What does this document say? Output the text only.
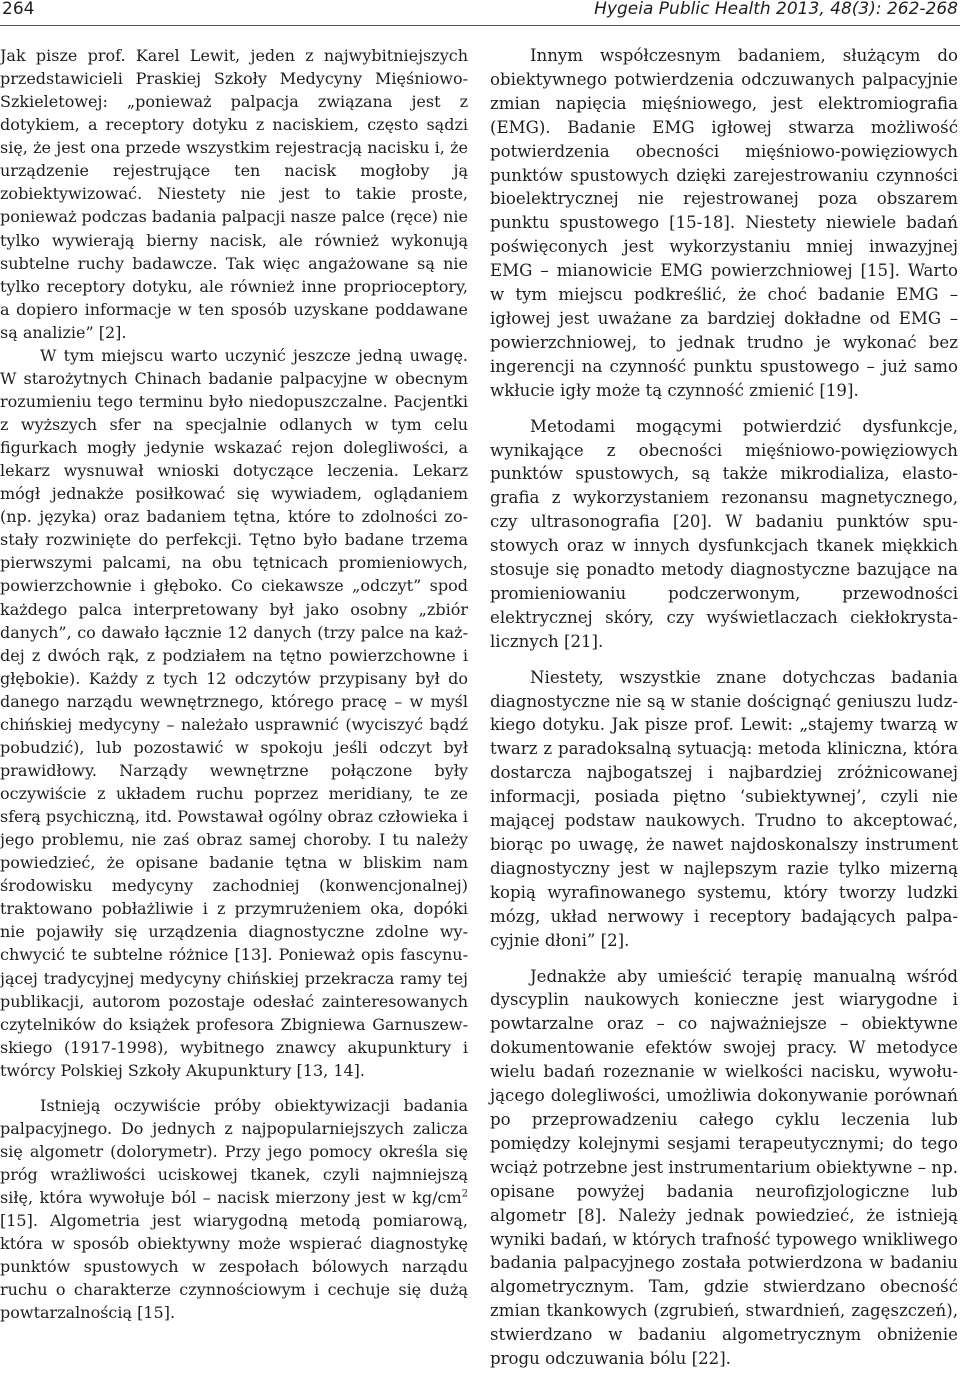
264	Hygeia Public Health 2013, 48(3): 262-268

Jak pisze prof. Karel Lewit, jeden z najwybitniejszych przedstawicieli Praskiej Szkoły Medycyny Mięśniowo-Szkieletowej: „ponieważ palpacja związana jest z dotykiem, a receptory dotyku z naciskiem, często sądzi się, że jest ona przede wszystkim rejestracją nacisku i, że urządzenie rejestrujące ten nacisk mogłoby ją zobiektywizować. Niestety nie jest to takie proste, ponieważ podczas badania palpacji nasze palce (ręce) nie tylko wywierają bierny nacisk, ale również wykonują subtelne ruchy badawcze. Tak więc angażowane są nie tylko receptory dotyku, ale również inne proprioceptory, a dopiero informacje w ten sposób uzyskane poddawane są analizie” [2].

W tym miejscu warto uczynić jeszcze jedną uwagę. W starożytnych Chinach badanie palpacyjne w obecnym rozumieniu tego terminu było niedopuszczalne. Pacjentki z wyższych sfer na specjalnie odlanych w tym celu figurkach mogły jedynie wskazać rejon dolegliwości, a lekarz wysnuwał wnioski dotyczące leczenia. Lekarz mógł jednakże posiłkować się wywiadem, oglądaniem (np. języka) oraz badaniem tętna, które to zdolności zostały rozwinięte do perfekcji. Tętno było badane trzema pierwszymi palcami, na obu tętnicach promieniowych, powierzchownie i głęboko. Co ciekawsze „odczyt” spod każdego palca interpretowany był jako osobny „zbiór danych”, co dawało łącznie 12 danych (trzy palce na każdej z dwóch rąk, z podziałem na tętno powierzchowne i głębokie). Każdy z tych 12 odczytów przypisany był do danego narządu wewnętrznego, którego pracę – w myśl chińskiej medycyny – należało usprawnić (wyciszyć bądź pobudzić), lub pozostawić w spokoju jeśli odczyt był prawidłowy. Narządy wewnętrzne połączone były oczywiście z układem ruchu poprzez meridiany, te ze sferą psychiczną, itd. Powstawał ogólny obraz człowieka i jego problemu, nie zaś obraz samej choroby. I tu należy powiedzieć, że opisane badanie tętna w bliskim nam środowisku medycyny zachodniej (konwencjonalnej) traktowano pobłażliwie i z przymrużeniem oka, dopóki nie pojawiły się urządzenia diagnostyczne zdolne wychwycić te subtelne różnice [13]. Ponieważ opis fascynującej tradycyjnej medycyny chińskiej przekracza ramy tej publikacji, autorom pozostaje odesłać zainteresowanych czytelników do książek profesora Zbigniewa Garnuszewskiego (1917-1998), wybitnego znawcy akupunktury i twórcy Polskiej Szkoły Akupunktury [13, 14].

Istnieją oczywiście próby obiektywizacji badania palpacyjnego. Do jednych z najpopularniejszych zalicza się algometr (dolorymetr). Przy jego pomocy określa się próg wrażliwości uciskowej tkanek, czyli najmniejszą siłę, która wywołuje ból – nacisk mierzony jest w $kg/cm^2$ [15]. Algometria jest wiarygodną metodą pomiarową, która w sposób obiektywny może wspierać diagnostykę punktów spustowych w zespołach bólowych narządu ruchu o charakterze czynnościowym i cechuje się dużą powtarzalnością [15].

Innym współczesnym badaniem, służącym do obiektywnego potwierdzenia odczuwanych palpacyjnie zmian napięcia mięśniowego, jest elektromiografia (EMG). Badanie EMG igłowej stwarza możliwość potwierdzenia obecności mięśniowo-powięziowych punktów spustowych dzięki zarejestrowaniu czynności bioelektrycznej nie rejestrowanej poza obszarem punktu spustowego [15-18]. Niestety niewiele badań poświęconych jest wykorzystaniu mniej inwazyjnej EMG – mianowicie EMG powierzchniowej [15]. Warto w tym miejscu podkreślić, że choć badanie EMG – igłowej jest uważane za bardziej dokładne od EMG – powierzchniowej, to jednak trudno je wykonać bez ingerencji na czynność punktu spustowego – już samo wkłucie igły może tą czynność zmienić [19].

Metodami mogącymi potwierdzić dysfunkcje, wynikające z obecności mięśniowo-powięziowych punktów spustowych, są także mikrodializa, elastografia z wykorzystaniem rezonansu magnetycznego, czy ultrasonografia [20]. W badaniu punktów spustowych oraz w innych dysfunkcjach tkanek miękkich stosuje się ponadto metody diagnostyczne bazujące na promieniowaniu podczerwonym, przewodności elektrycznej skóry, czy wyświetlaczach ciekłokrystalicznych [21].

Niestety, wszystkie znane dotychczas badania diagnostyczne nie są w stanie doścignąć geniuszu ludzkiego dotyku. Jak pisze prof. Lewit: „stajemy twarzą w twarz z paradoksalną sytuacją: metoda kliniczna, która dostarcza najbogatszej i najbardziej zróżnicowanej informacji, posiada piętno ‘subiektywnej’, czyli nie mającej podstaw naukowych. Trudno to akceptować, biorąc po uwagę, że nawet najdoskonalszy instrument diagnostyczny jest w najlepszym razie tylko mizerną kopią wyrafinowanego systemu, który tworzy ludzki mózg, układ nerwowy i receptory badających palpacyjnie dłoni” [2].

Jednakże aby umieścić terapię manualną wśród dyscyplin naukowych konieczne jest wiarygodne i powtarzalne oraz – co najważniejsze – obiektywne dokumentowanie efektów swojej pracy. W metodyce wielu badań rozeznanie w wielkości nacisku, wywołującego dolegliwości, umożliwia dokonywanie porównań po przeprowadzeniu całego cyklu leczenia lub pomiędzy kolejnymi sesjami terapeutycznymi; do tego wciąż potrzebne jest instrumentarium obiektywne – np. opisane powyżej badania neurofizjologiczne lub algometr [8]. Należy jednak powiedzieć, że istnieją wyniki badań, w których trafność typowego wnikliwego badania palpacyjnego została potwierdzona w badaniu algometrycznym. Tam, gdzie stwierdzano obecność zmian tkankowych (zgrubień, stwardnień, zagęszczeń), stwierdzano w badaniu algometrycznym obniżenie progu odczuwania bólu [22].
